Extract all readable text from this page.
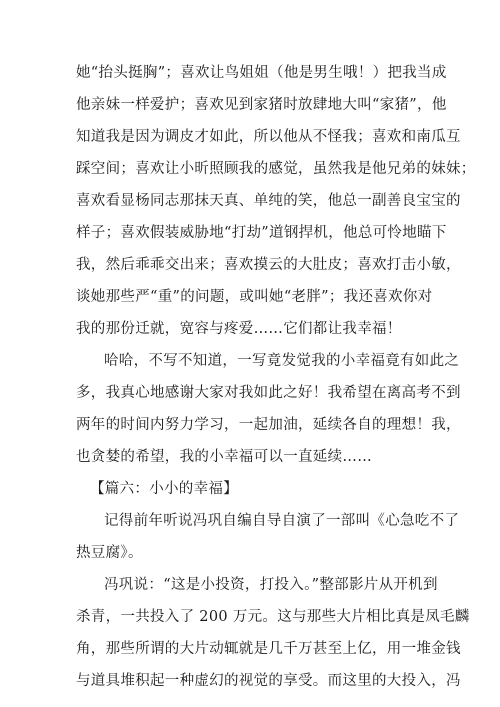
她“抬头挺胸”；喜欢让鸟姐姐（他是男生哦！）把我当成
他亲妹一样爱护；喜欢见到家猪时放肆地大叫“家猪”，他
知道我是因为调皮才如此，所以他从不怪我；喜欢和南瓜互
踩空间；喜欢让小昕照顾我的感觉，虽然我是他兄弟的妹妹；
喜欢看显杨同志那抹天真、单纯的笑，他总一副善良宝宝的
样子；喜欢假装威胁地“打劫”道钢捍机，他总可怜地瞄下
我，然后乖乖交出来；喜欢摸云的大肚皮；喜欢打击小敏，
谈她那些严“重”的问题，或叫她“老胖”；我还喜欢你对
我的那份迁就，宽容与疼爱……它们都让我幸福！
哈哈，不写不知道，一写竟发觉我的小幸福竟有如此之
多，我真心地感谢大家对我如此之好！我希望在离高考不到
两年的时间内努力学习，一起加油，延续各自的理想！我，
也贪婪的希望，我的小幸福可以一直延续……
【篇六：小小的幸福】
记得前年听说冯巩自编自导自演了一部叫《心急吃不了
热豆腐》。
冯巩说：“这是小投资，打投入。”整部影片从开机到
杀青，一共投入了 200 万元。这与那些大片相比真是凤毛麟
角，那些所谓的大片动辄就是几千万甚至上亿，用一堆金钱
与道具堆积起一种虚幻的视觉的享受。而这里的大投入，冯
